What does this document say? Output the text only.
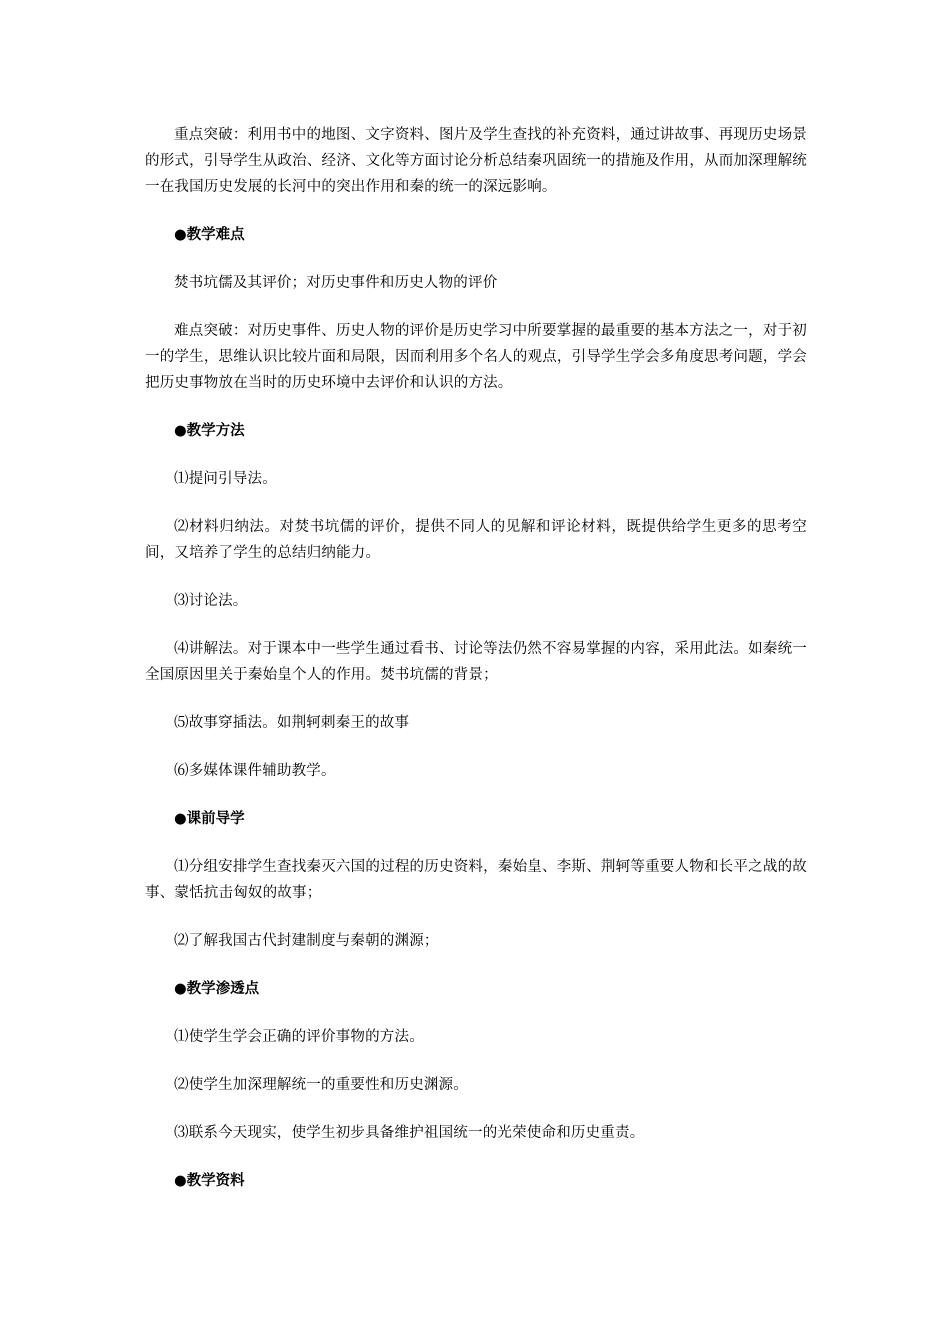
重点突破：利用书中的地图、文字资料、图片及学生查找的补充资料，通过讲故事、再现历史场景的形式，引导学生从政治、经济、文化等方面讨论分析总结秦巩固统一的措施及作用，从而加深理解统一在我国历史发展的长河中的突出作用和秦的统一的深远影响。

●教学难点

焚书坑儒及其评价；对历史事件和历史人物的评价

难点突破：对历史事件、历史人物的评价是历史学习中所要掌握的最重要的基本方法之一，对于初一的学生，思维认识比较片面和局限，因而利用多个名人的观点，引导学生学会多角度思考问题，学会把历史事物放在当时的历史环境中去评价和认识的方法。

●教学方法

⑴提问引导法。

⑵材料归纳法。对焚书坑儒的评价，提供不同人的见解和评论材料，既提供给学生更多的思考空间，又培养了学生的总结归纳能力。

⑶讨论法。

⑷讲解法。对于课本中一些学生通过看书、讨论等法仍然不容易掌握的内容，采用此法。如秦统一全国原因里关于秦始皇个人的作用。焚书坑儒的背景；

⑸故事穿插法。如荆轲刺秦王的故事

⑹多媒体课件辅助教学。

●课前导学

⑴分组安排学生查找秦灭六国的过程的历史资料，秦始皇、李斯、荆轲等重要人物和长平之战的故事、蒙恬抗击匈奴的故事；

⑵了解我国古代封建制度与秦朝的渊源；

●教学渗透点

⑴使学生学会正确的评价事物的方法。

⑵使学生加深理解统一的重要性和历史渊源。

⑶联系今天现实，使学生初步具备维护祖国统一的光荣使命和历史重责。

●教学资料
